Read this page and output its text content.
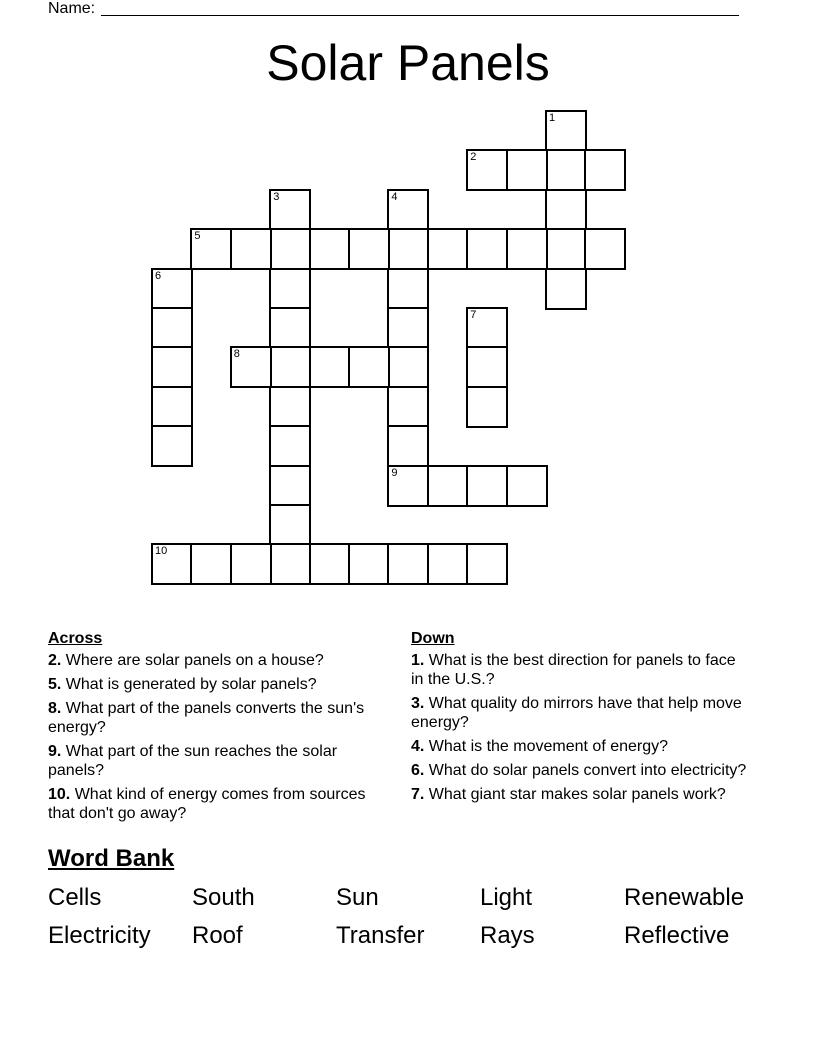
Name:
Solar Panels
1
2
3	4
9
5
6
7
8
10
Across
2. Where are solar panels on a house?
5. What is generated by solar panels?
8. What part of the panels converts the sun's energy?
9. What part of the sun reaches the solar panels?
10. What kind of energy comes from sources that don't go away?
Down
1. What is the best direction for panels to face in the U.S.?
3. What quality do mirrors have that help move energy?
4. What is the movement of energy?
6. What do solar panels convert into electricity?
7. What giant star makes solar panels work?
Word Bank
Cells	South	Sun	Light	Renewable
Electricity Roof	Transfer Rays	Reflective
